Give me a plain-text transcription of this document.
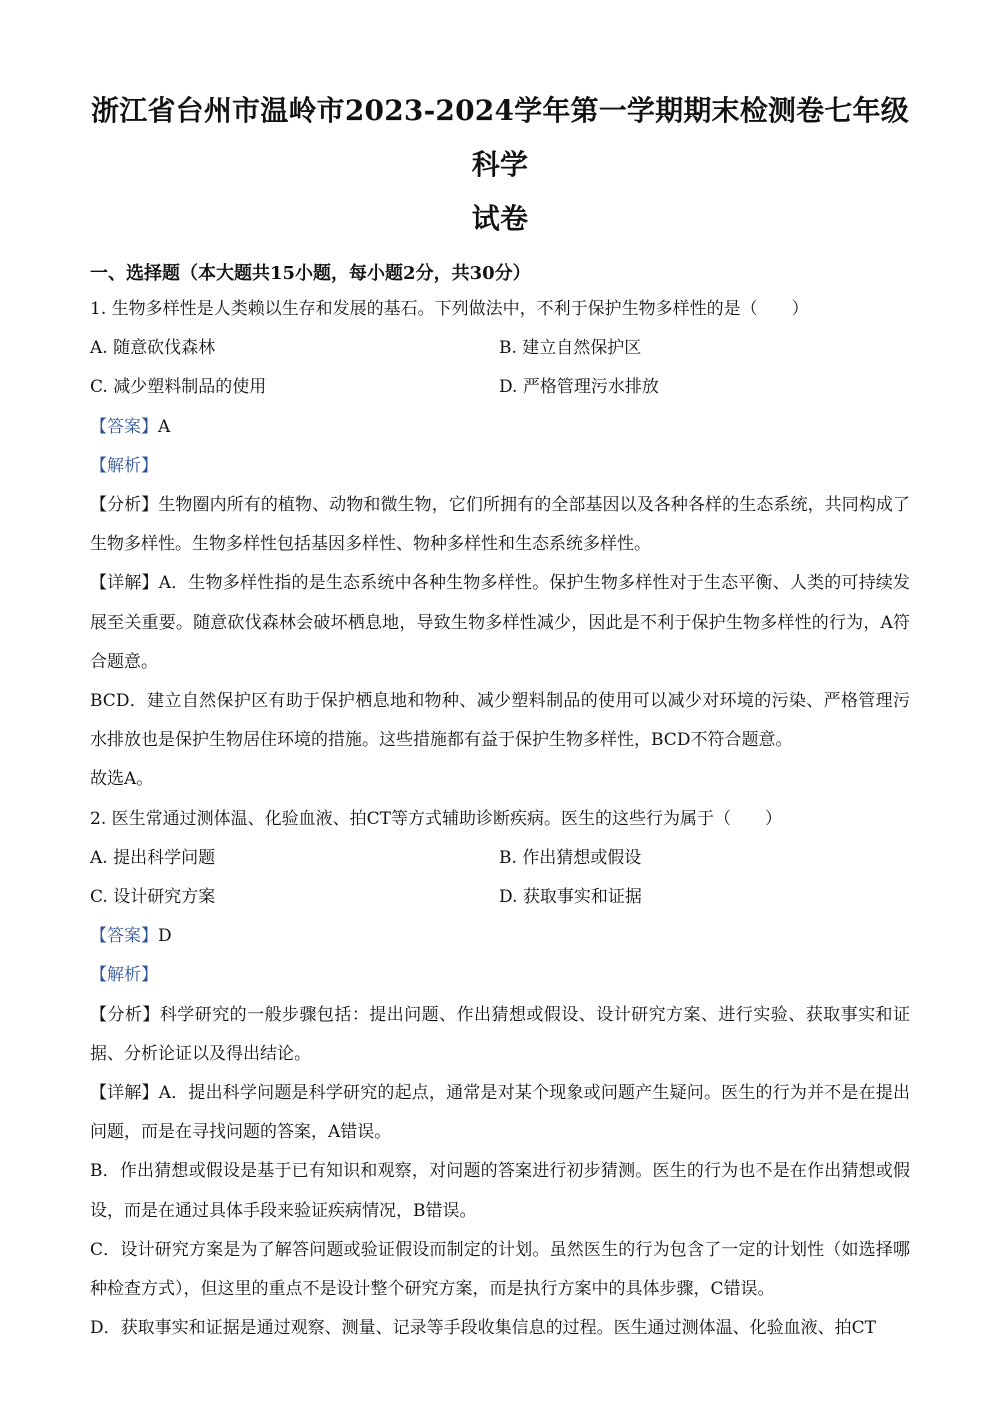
浙江省台州市温岭市2023-2024学年第一学期期末检测卷七年级科学
试卷
一、选择题（本大题共15小题，每小题2分，共30分）

1. 生物多样性是人类赖以生存和发展的基石。下列做法中，不利于保护生物多样性的是（　　）

A. 随意砍伐森林	B. 建立自然保护区
C. 减少塑料制品的使用	D. 严格管理污水排放

【答案】A

【解析】

【分析】生物圈内所有的植物、动物和微生物，它们所拥有的全部基因以及各种各样的生态系统，共同构成了生物多样性。生物多样性包括基因多样性、物种多样性和生态系统多样性。

【详解】A．生物多样性指的是生态系统中各种生物多样性。保护生物多样性对于生态平衡、人类的可持续发展至关重要。随意砍伐森林会破坏栖息地，导致生物多样性减少，因此是不利于保护生物多样性的行为，A符合题意。

BCD．建立自然保护区有助于保护栖息地和物种、减少塑料制品的使用可以减少对环境的污染、严格管理污水排放也是保护生物居住环境的措施。这些措施都有益于保护生物多样性，BCD不符合题意。

故选A。

2. 医生常通过测体温、化验血液、拍CT等方式辅助诊断疾病。医生的这些行为属于（　　）

A. 提出科学问题	B. 作出猜想或假设
C. 设计研究方案	D. 获取事实和证据

【答案】D

【解析】

【分析】科学研究的一般步骤包括：提出问题、作出猜想或假设、设计研究方案、进行实验、获取事实和证据、分析论证以及得出结论。

【详解】A．提出科学问题是科学研究的起点，通常是对某个现象或问题产生疑问。医生的行为并不是在提出问题，而是在寻找问题的答案，A错误。

B．作出猜想或假设是基于已有知识和观察，对问题的答案进行初步猜测。医生的行为也不是在作出猜想或假设，而是在通过具体手段来验证疾病情况，B错误。

C．设计研究方案是为了解答问题或验证假设而制定的计划。虽然医生的行为包含了一定的计划性（如选择哪种检查方式），但这里的重点不是设计整个研究方案，而是执行方案中的具体步骤，C错误。

D．获取事实和证据是通过观察、测量、记录等手段收集信息的过程。医生通过测体温、化验血液、拍CT
